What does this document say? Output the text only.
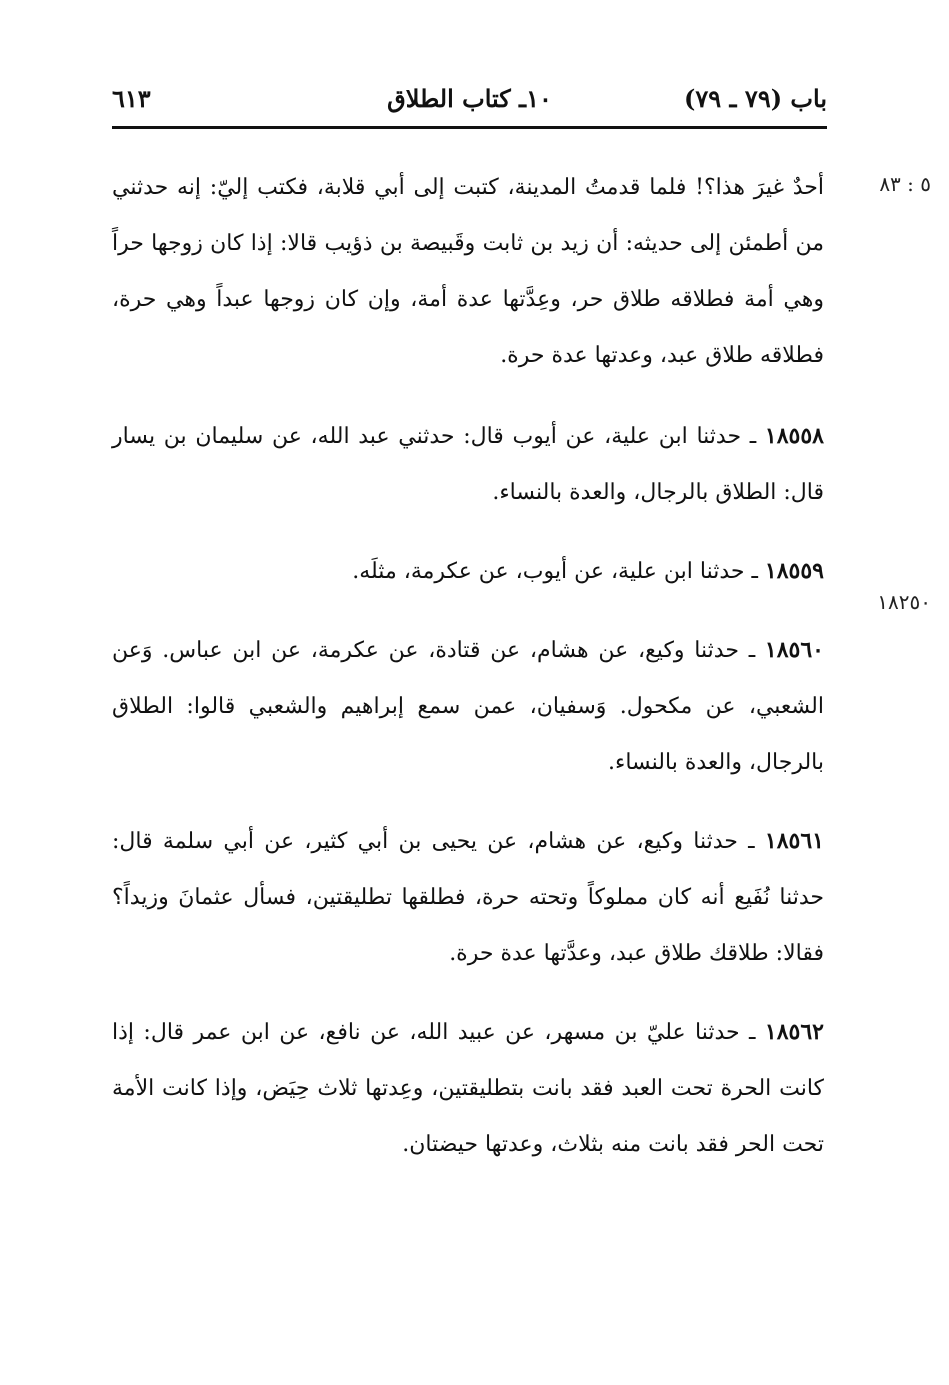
باب (٧٩ ـ ٧٩)
١٠ـ كتاب الطلاق
٦١٣
٥ : ٨٣
١٨٢٥٠

أحدٌ غيرَ هذا؟! فلما قدمتُ المدينة، كتبت إلى أبي قلابة، فكتب إليّ: إنه حدثني من أطمئن إلى حديثه: أن زيد بن ثابت وقَبيصة بن ذؤيب قالا: إذا كان زوجها حراً وهي أمة فطلاقه طلاق حر، وعِدَّتها عدة أمة، وإن كان زوجها عبداً وهي حرة، فطلاقه طلاق عبد، وعدتها عدة حرة.

١٨٥٥٨ ـ حدثنا ابن علية، عن أيوب قال: حدثني عبد الله، عن سليمان بن يسار قال: الطلاق بالرجال، والعدة بالنساء.

١٨٥٥٩ ـ حدثنا ابن علية، عن أيوب، عن عكرمة، مثلَه.

١٨٥٦٠ ـ حدثنا وكيع، عن هشام، عن قتادة، عن عكرمة، عن ابن عباس. وَعن الشعبي، عن مكحول. وَسفيان، عمن سمع إبراهيم والشعبي قالوا: الطلاق بالرجال، والعدة بالنساء.

١٨٥٦١ ـ حدثنا وكيع، عن هشام، عن يحيى بن أبي كثير، عن أبي سلمة قال: حدثنا نُفَيع أنه كان مملوكاً وتحته حرة، فطلقها تطليقتين، فسأل عثمانَ وزيداً؟ فقالا: طلاقك طلاق عبد، وعدَّتها عدة حرة.

١٨٥٦٢ ـ حدثنا عليّ بن مسهر، عن عبيد الله، عن نافع، عن ابن عمر قال: إذا كانت الحرة تحت العبد فقد بانت بتطليقتين، وعِدتها ثلاث حِيَض، وإذا كانت الأمة تحت الحر فقد بانت منه بثلاث، وعدتها حيضتان.
